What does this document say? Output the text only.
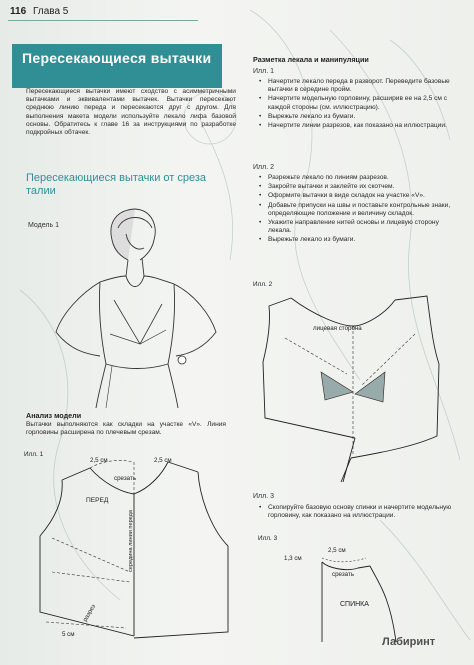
116 Глава 5
Пересекающиеся вытачки
Пересекающиеся вытачки имеют сходство с асимметричными вытачками и эквивалентами вытачек. Вытачки пересекают среднюю линию переда и пересекаются друг с другом. Для выполнения макета модели используйте лекало лифа базовой основы. Обратитесь к главе 16 за инструкциями по разработке подкройных обтачек.
Пересекающиеся вытачки от среза талии
Модель 1
Анализ модели
Вытачки выполняются как складки на участке «V». Линия горловины расширена по плечевым срезам.
Разметка лекала и манипуляции
Илл. 1
• Начертите лекало переда в разворот. Переведите базовые вытачки в середине пройм.
• Начертите модельную горловину, расширив ее на 2,5 см с каждой стороны (см. иллюстрацию).
• Вырежьте лекало из бумаги.
• Начертите линии разрезов, как показано на иллюстрации.
Илл. 2
• Разрежьте лекало по линиям разрезов.
• Закройте вытачки и заклейте их скотчем.
• Оформите вытачки в виде складок на участке «V».
• Добавьте припуски на швы и поставьте контрольные знаки, определяющие положение и величину складок.
• Укажите направление нитей основы и лицевую сторону лекала.
• Вырежьте лекало из бумаги.
Илл. 2
лицевая сторона
Илл. 3
• Скопируйте базовую основу спинки и начертите модельную горловину, как показано на иллюстрации.
Илл. 3
1,3 см
2,5 см
срезать
СПИНКА
Илл. 1
2,5 см	2,5 см
срезать
ПЕРЕД
середина линии переда
разрез
5 см
Лабиринт
